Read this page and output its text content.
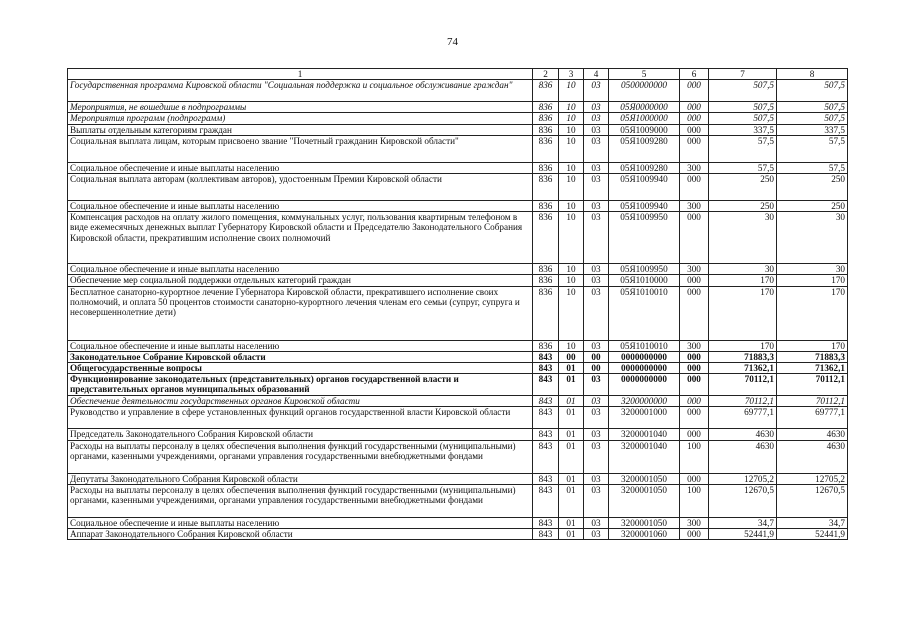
74
1	2	3	4	5	6	7	8
Государственная программа Кировской области "Социальная поддержка и социальное обслуживание граждан"	836	10	03	0500000000	000	507,5	507,5
Мероприятия, не вошедшие в подпрограммы	836	10	03	05Я0000000	000	507,5	507,5
Мероприятия программ (подпрограмм)	836	10	03	05Я1000000	000	507,5	507,5
Выплаты отдельным категориям граждан	836	10	03	05Я1009000	000	337,5	337,5
Социальная выплата лицам, которым присвоено звание "Почетный гражданин Кировской области"	836	10	03	05Я1009280	000	57,5	57,5
Социальное обеспечение и иные выплаты населению	836	10	03	05Я1009280	300	57,5	57,5
Социальная выплата авторам (коллективам авторов), удостоенным Премии Кировской области	836	10	03	05Я1009940	000	250	250
Социальное обеспечение и иные выплаты населению	836	10	03	05Я1009940	300	250	250
Компенсация расходов на оплату жилого помещения, коммунальных услуг, пользования квартирным телефоном в виде ежемесячных денежных выплат Губернатору Кировской области и Председателю Законодательного Собрания Кировской области, прекратившим исполнение своих полномочий	836	10	03	05Я1009950	000	30	30
Социальное обеспечение и иные выплаты населению	836	10	03	05Я1009950	300	30	30
Обеспечение мер социальной поддержки отдельных категорий граждан	836	10	03	05Я1010000	000	170	170
Бесплатное санаторно-курортное лечение Губернатора Кировской области, прекратившего исполнение своих полномочий, и оплата 50 процентов стоимости санаторно-курортного лечения членам его семьи (супруг, супруга и несовершеннолетние дети)	836	10	03	05Я1010010	000	170	170
Социальное обеспечение и иные выплаты населению	836	10	03	05Я1010010	300	170	170
Законодательное Собрание Кировской области	843	00	00	0000000000	000	71883,3	71883,3
Общегосударственные вопросы	843	01	00	0000000000	000	71362,1	71362,1
Функционирование законодательных (представительных) органов государственной власти и представительных органов муниципальных образований	843	01	03	0000000000	000	70112,1	70112,1
Обеспечение деятельности государственных органов Кировской области	843	01	03	3200000000	000	70112,1	70112,1
Руководство и управление в сфере установленных функций органов государственной власти Кировской области	843	01	03	3200001000	000	69777,1	69777,1
Председатель Законодательного Собрания Кировской области	843	01	03	3200001040	000	4630	4630
Расходы на выплаты персоналу в целях обеспечения выполнения функций государственными (муниципальными) органами, казенными учреждениями, органами управления государственными внебюджетными фондами	843	01	03	3200001040	100	4630	4630
Депутаты Законодательного Собрания Кировской области	843	01	03	3200001050	000	12705,2	12705,2
Расходы на выплаты персоналу в целях обеспечения выполнения функций государственными (муниципальными) органами, казенными учреждениями, органами управления государственными внебюджетными фондами	843	01	03	3200001050	100	12670,5	12670,5
Социальное обеспечение и иные выплаты населению	843	01	03	3200001050	300	34,7	34,7
Аппарат Законодательного Собрания Кировской области	843	01	03	3200001060	000	52441,9	52441,9
